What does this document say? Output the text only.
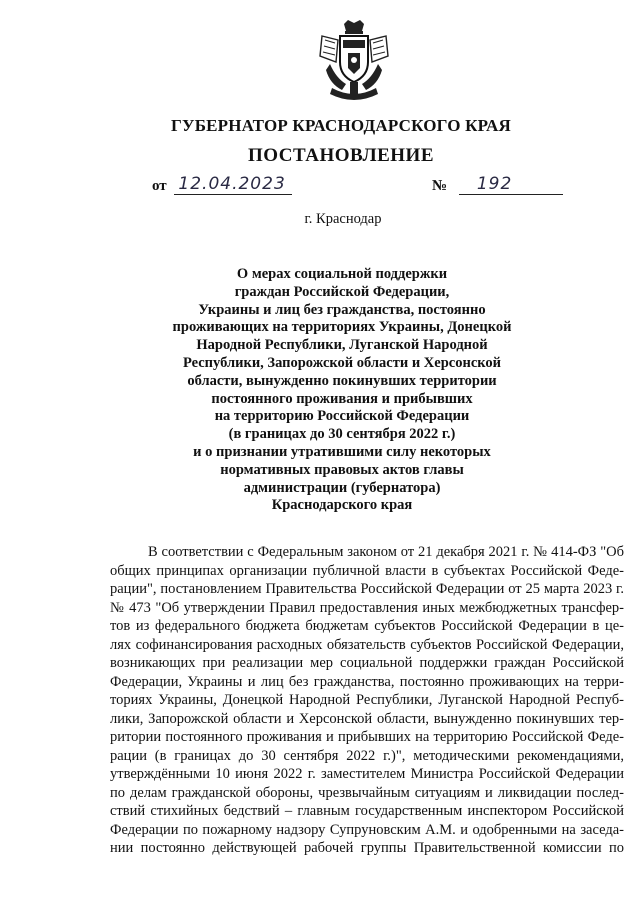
ГУБЕРНАТОР КРАСНОДАРСКОГО КРАЯ
ПОСТАНОВЛЕНИЕ
от 12.04.2023	№ 192
г. Краснодар
О мерах социальной поддержки
граждан Российской Федерации,
Украины и лиц без гражданства, постоянно
проживающих на территориях Украины, Донецкой
Народной Республики, Луганской Народной
Республики, Запорожской области и Херсонской
области, вынужденно покинувших территории
постоянного проживания и прибывших
на территорию Российской Федерации
(в границах до 30 сентября 2022 г.)
и о признании утратившими силу некоторых
нормативных правовых актов главы
администрации (губернатора)
Краснодарского края
В соответствии с Федеральным законом от 21 декабря 2021 г. № 414-ФЗ "Об
общих принципах организации публичной власти в субъектах Российской Феде-
рации", постановлением Правительства Российской Федерации от 25 марта 2023 г.
№ 473 "Об утверждении Правил предоставления иных межбюджетных трансфер-
тов из федерального бюджета бюджетам субъектов Российской Федерации в це-
лях софинансирования расходных обязательств субъектов Российской Федерации,
возникающих при реализации мер социальной поддержки граждан Российской
Федерации, Украины и лиц без гражданства, постоянно проживающих на терри-
ториях Украины, Донецкой Народной Республики, Луганской Народной Респуб-
лики, Запорожской области и Херсонской области, вынужденно покинувших тер-
ритории постоянного проживания и прибывших на территорию Российской Феде-
рации (в границах до 30 сентября 2022 г.)", методическими рекомендациями,
утверждёнными 10 июня 2022 г. заместителем Министра Российской Федерации
по делам гражданской обороны, чрезвычайным ситуациям и ликвидации послед-
ствий стихийных бедствий – главным государственным инспектором Российской
Федерации по пожарному надзору Супруновским А.М. и одобренными на заседа-
нии постоянно действующей рабочей группы Правительственной комиссии по
